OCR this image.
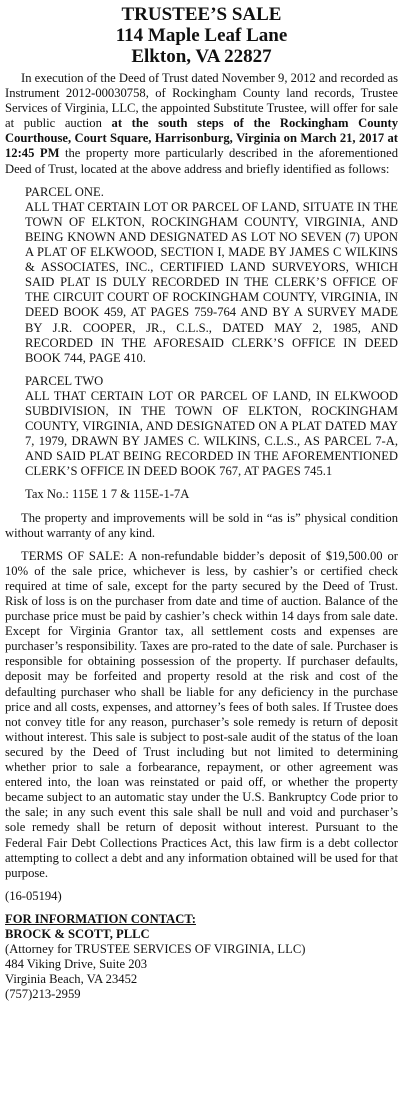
TRUSTEE’S SALE
114 Maple Leaf Lane
Elkton, VA 22827

In execution of the Deed of Trust dated November 9, 2012 and recorded as Instrument 2012-00030758, of Rockingham County land records, Trustee Services of Virginia, LLC, the appointed Substitute Trustee, will offer for sale at public auction at the south steps of the Rockingham County Courthouse, Court Square, Harrisonburg, Virginia on March 21, 2017 at 12:45 PM the property more particularly described in the aforementioned Deed of Trust, located at the above address and briefly identified as follows:

PARCEL ONE.
ALL THAT CERTAIN LOT OR PARCEL OF LAND, SITUATE IN THE TOWN OF ELKTON, ROCKINGHAM COUNTY, VIRGINIA, AND BEING KNOWN AND DESIGNATED AS LOT NO SEVEN (7) UPON A PLAT OF ELKWOOD, SECTION I, MADE BY JAMES C WILKINS & ASSOCIATES, INC., CERTIFIED LAND SURVEYORS, WHICH SAID PLAT IS DULY RECORDED IN THE CLERK’S OFFICE OF THE CIRCUIT COURT OF ROCKINGHAM COUNTY, VIRGINIA, IN DEED BOOK 459, AT PAGES 759-764 AND BY A SURVEY MADE BY J.R. COOPER, JR., C.L.S., DATED MAY 2, 1985, AND RECORDED IN THE AFORESAID CLERK’S OFFICE IN DEED BOOK 744, PAGE 410.
PARCEL TWO
ALL THAT CERTAIN LOT OR PARCEL OF LAND, IN ELKWOOD SUBDIVISION, IN THE TOWN OF ELKTON, ROCKINGHAM COUNTY, VIRGINIA, AND DESIGNATED ON A PLAT DATED MAY 7, 1979, DRAWN BY JAMES C. WILKINS, C.L.S., AS PARCEL 7-A, AND SAID PLAT BEING RECORDED IN THE AFOREMENTIONED CLERK’S OFFICE IN DEED BOOK 767, AT PAGES 745.1
Tax No.: 115E 1 7 & 115E-1-7A

The property and improvements will be sold in “as is” physical condition without warranty of any kind.

TERMS OF SALE: A non-refundable bidder’s deposit of $19,500.00 or 10% of the sale price, whichever is less, by cashier’s or certified check required at time of sale, except for the party secured by the Deed of Trust. Risk of loss is on the purchaser from date and time of auction. Balance of the purchase price must be paid by cashier’s check within 14 days from sale date. Except for Virginia Grantor tax, all settlement costs and expenses are purchaser’s responsibility. Taxes are pro-rated to the date of sale. Purchaser is responsible for obtaining possession of the property. If purchaser defaults, deposit may be forfeited and property resold at the risk and cost of the defaulting purchaser who shall be liable for any deficiency in the purchase price and all costs, expenses, and attorney’s fees of both sales. If Trustee does not convey title for any reason, purchaser’s sole remedy is return of deposit without interest. This sale is subject to post-sale audit of the status of the loan secured by the Deed of Trust including but not limited to determining whether prior to sale a forbearance, repayment, or other agreement was entered into, the loan was reinstated or paid off, or whether the property became subject to an automatic stay under the U.S. Bankruptcy Code prior to the sale; in any such event this sale shall be null and void and purchaser’s sole remedy shall be return of deposit without interest. Pursuant to the Federal Fair Debt Collections Practices Act, this law firm is a debt collector attempting to collect a debt and any information obtained will be used for that purpose.

(16-05194)

FOR INFORMATION CONTACT:
BROCK & SCOTT, PLLC
(Attorney for TRUSTEE SERVICES OF VIRGINIA, LLC)
484 Viking Drive, Suite 203
Virginia Beach, VA 23452
(757)213-2959
